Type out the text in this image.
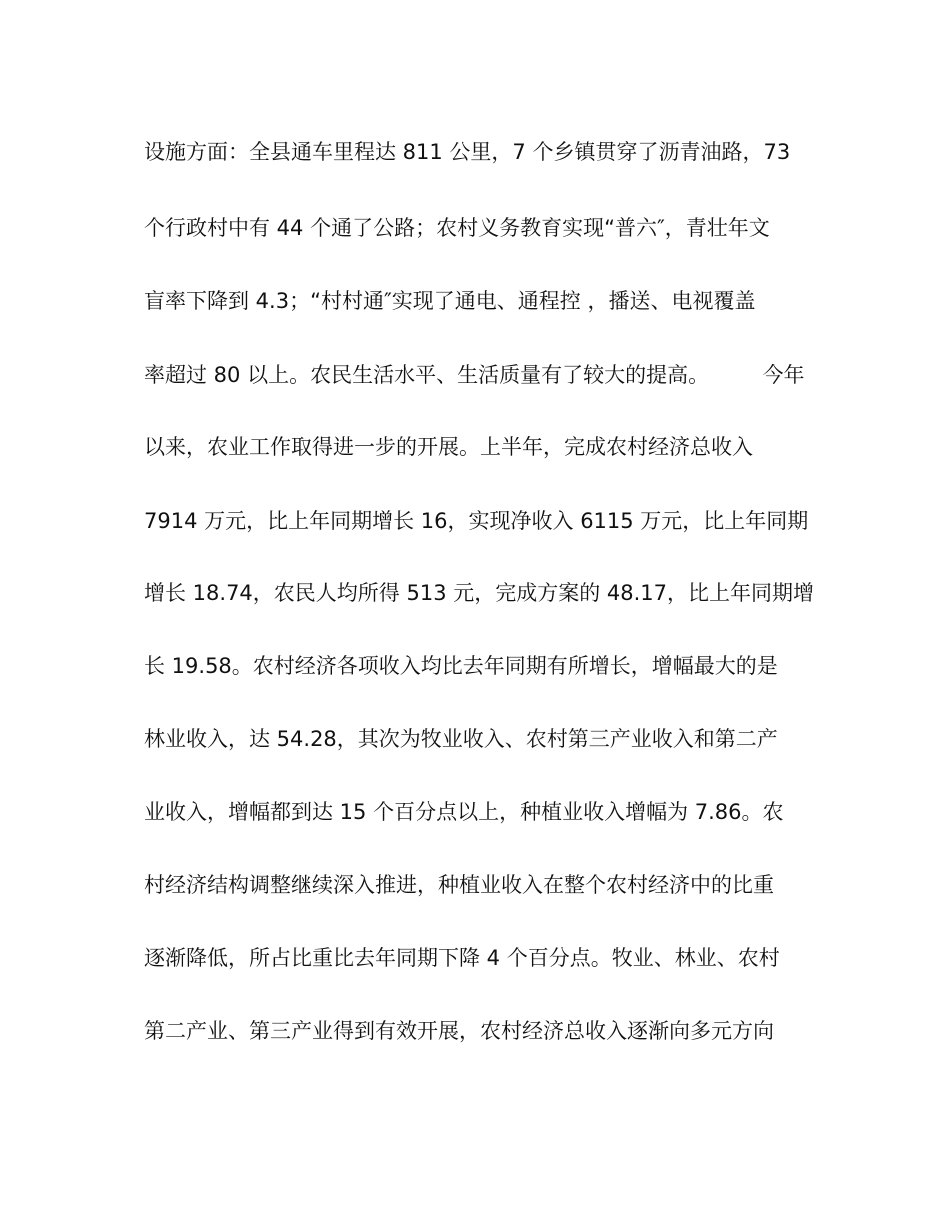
设施方面：全县通车里程达 811 公里，7 个乡镇贯穿了沥青油路，73
个行政村中有 44 个通了公路；农村义务教育实现“普六″，青壮年文
盲率下降到 4.3；“村村通″实现了通电、通程控 ，播送、电视覆盖
率超过 80 以上。农民生活水平、生活质量有了较大的提高。        今年
以来，农业工作取得进一步的开展。上半年，完成农村经济总收入
7914 万元，比上年同期增长 16，实现净收入 6115 万元，比上年同期
增长 18.74，农民人均所得 513 元，完成方案的 48.17，比上年同期增
长 19.58。农村经济各项收入均比去年同期有所增长，增幅最大的是
林业收入，达 54.28，其次为牧业收入、农村第三产业收入和第二产
业收入，增幅都到达 15 个百分点以上，种植业收入增幅为 7.86。农
村经济结构调整继续深入推进，种植业收入在整个农村经济中的比重
逐渐降低，所占比重比去年同期下降 4 个百分点。牧业、林业、农村
第二产业、第三产业得到有效开展，农村经济总收入逐渐向多元方向
